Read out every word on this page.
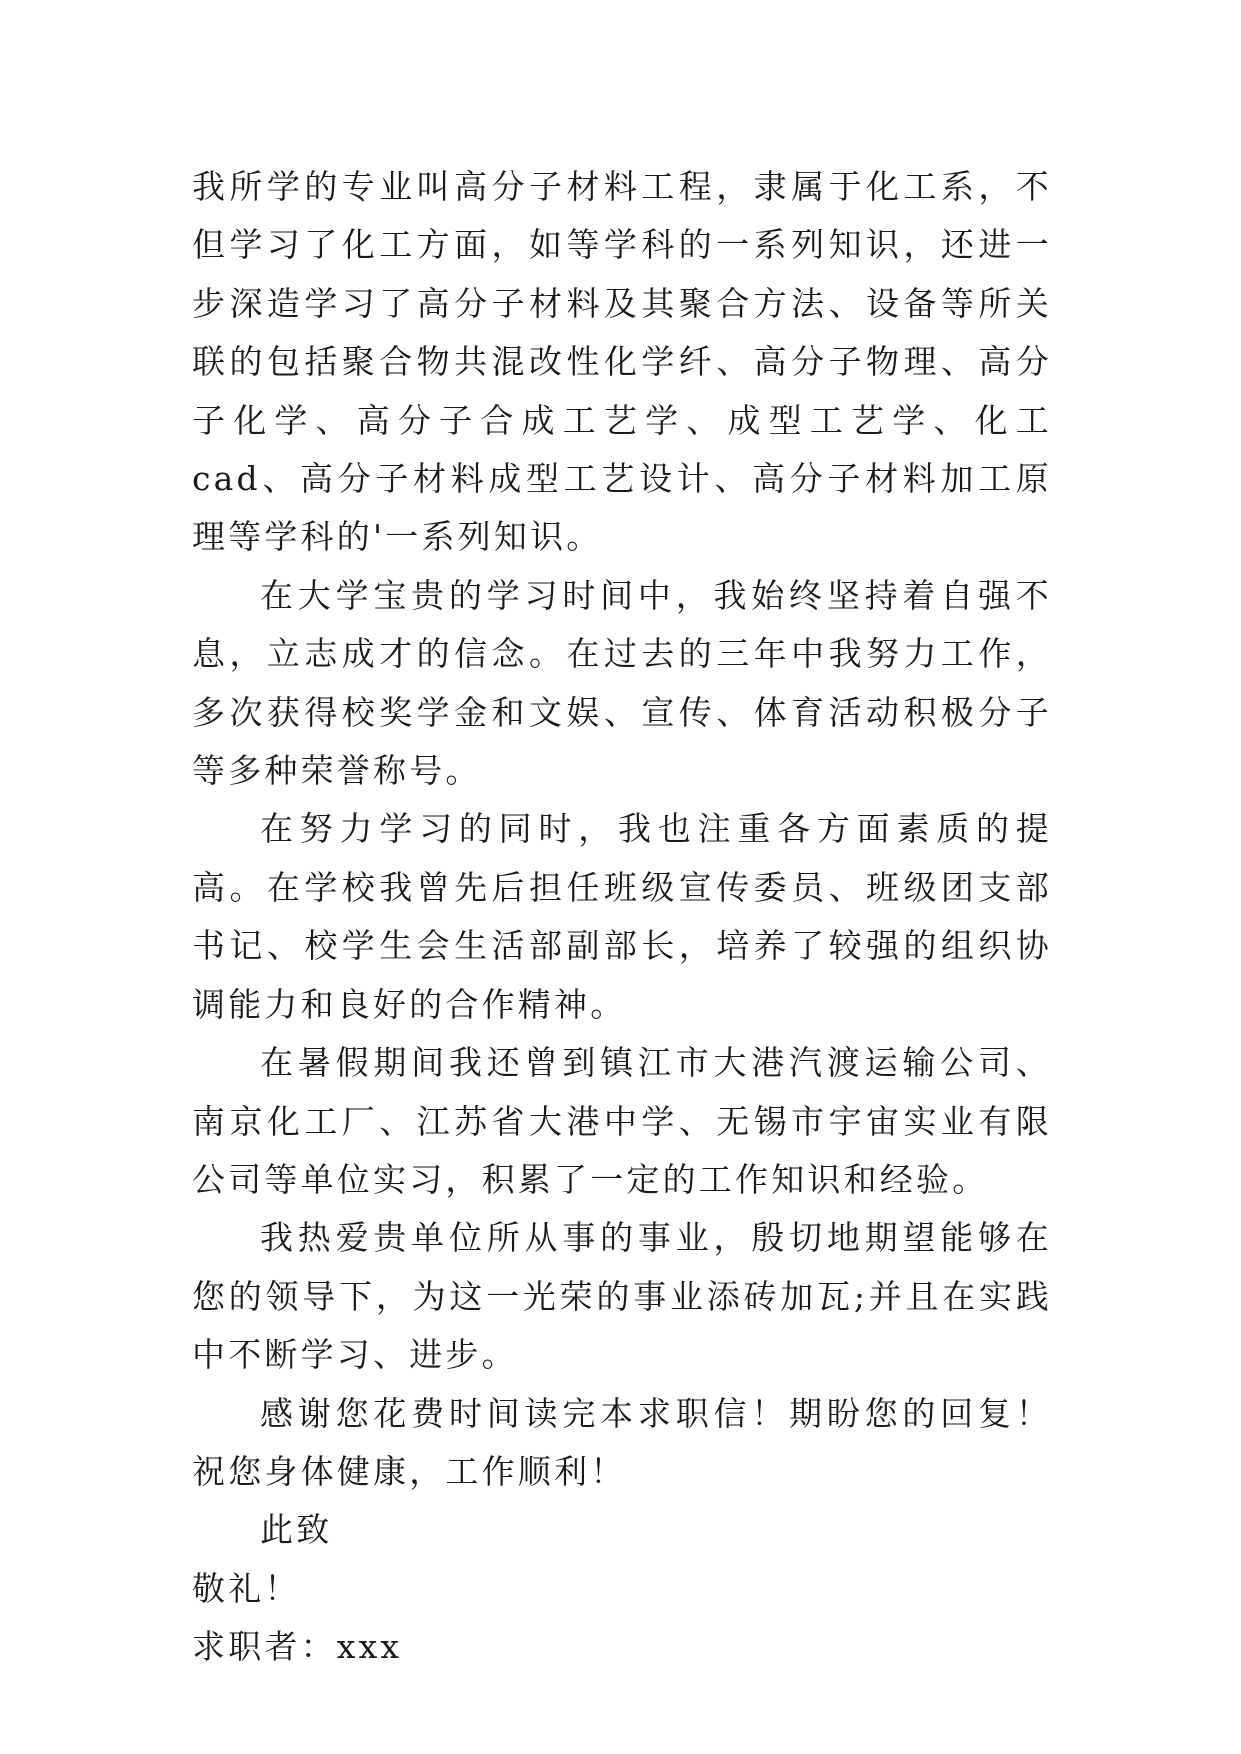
我所学的专业叫高分子材料工程，隶属于化工系，不但学习了化工方面，如等学科的一系列知识，还进一步深造学习了高分子材料及其聚合方法、设备等所关联的包括聚合物共混改性化学纤、高分子物理、高分子化学、高分子合成工艺学、成型工艺学、化工 cad、高分子材料成型工艺设计、高分子材料加工原理等学科的'一系列知识。

在大学宝贵的学习时间中，我始终坚持着自强不息，立志成才的信念。在过去的三年中我努力工作，多次获得校奖学金和文娱、宣传、体育活动积极分子等多种荣誉称号。

在努力学习的同时，我也注重各方面素质的提高。在学校我曾先后担任班级宣传委员、班级团支部书记、校学生会生活部副部长，培养了较强的组织协调能力和良好的合作精神。

在暑假期间我还曾到镇江市大港汽渡运输公司、南京化工厂、江苏省大港中学、无锡市宇宙实业有限公司等单位实习，积累了一定的工作知识和经验。

我热爱贵单位所从事的事业，殷切地期望能够在您的领导下，为这一光荣的事业添砖加瓦;并且在实践中不断学习、进步。

感谢您花费时间读完本求职信！期盼您的回复！祝您身体健康，工作顺利！

此致

敬礼！

求职者：xxx
